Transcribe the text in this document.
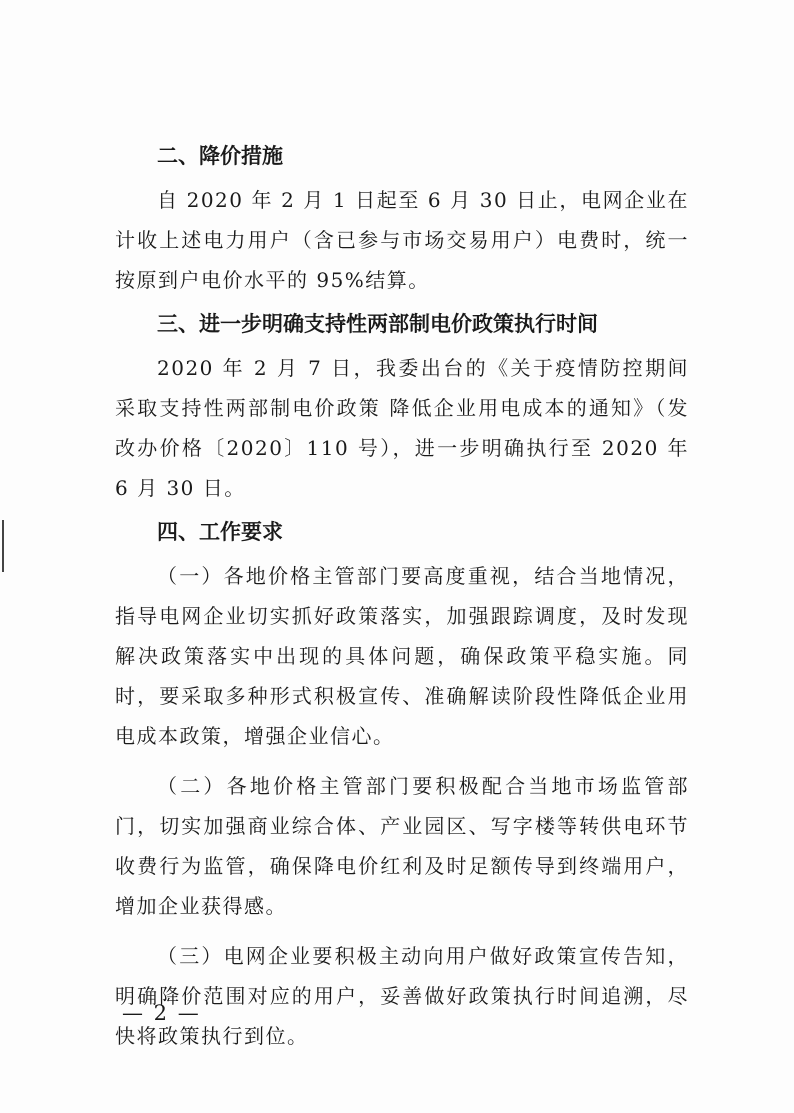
二、降价措施

自 2020 年 2 月 1 日起至 6 月 30 日止，电网企业在计收上述电力用户（含已参与市场交易用户）电费时，统一按原到户电价水平的 95%结算。

三、进一步明确支持性两部制电价政策执行时间

2020 年 2 月 7 日，我委出台的《关于疫情防控期间采取支持性两部制电价政策 降低企业用电成本的通知》（发改办价格〔2020〕110 号），进一步明确执行至 2020 年 6 月 30 日。

四、工作要求

（一）各地价格主管部门要高度重视，结合当地情况，指导电网企业切实抓好政策落实，加强跟踪调度，及时发现解决政策落实中出现的具体问题，确保政策平稳实施。同时，要采取多种形式积极宣传、准确解读阶段性降低企业用电成本政策，增强企业信心。

（二）各地价格主管部门要积极配合当地市场监管部门，切实加强商业综合体、产业园区、写字楼等转供电环节收费行为监管，确保降电价红利及时足额传导到终端用户，增加企业获得感。

（三）电网企业要积极主动向用户做好政策宣传告知，明确降价范围对应的用户，妥善做好政策执行时间追溯，尽快将政策执行到位。

— 2 —
